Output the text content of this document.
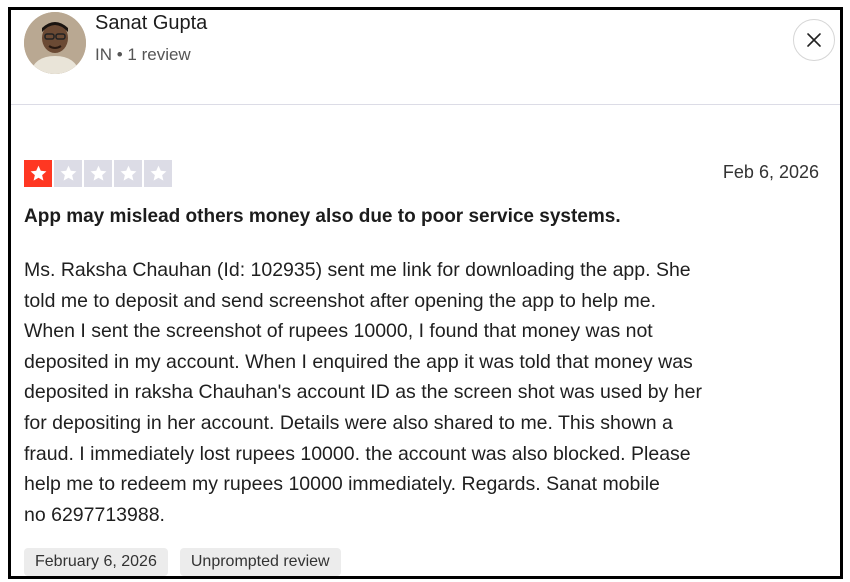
Sanat Gupta
IN • 1 review
Feb 6, 2026
App may mislead others money also due to poor service systems.
Ms. Raksha Chauhan (Id: 102935) sent me link for downloading the app. She
told me to deposit and send screenshot after opening the app to help me.
When I sent the screenshot of rupees 10000, I found that money was not
deposited in my account. When I enquired the app it was told that money was
deposited in raksha Chauhan's account ID as the screen shot was used by her
for depositing in her account. Details were also shared to me. This shown a
fraud. I immediately lost rupees 10000. the account was also blocked. Please
help me to redeem my rupees 10000 immediately. Regards. Sanat mobile
no 6297713988.
February 6, 2026	Unprompted review
